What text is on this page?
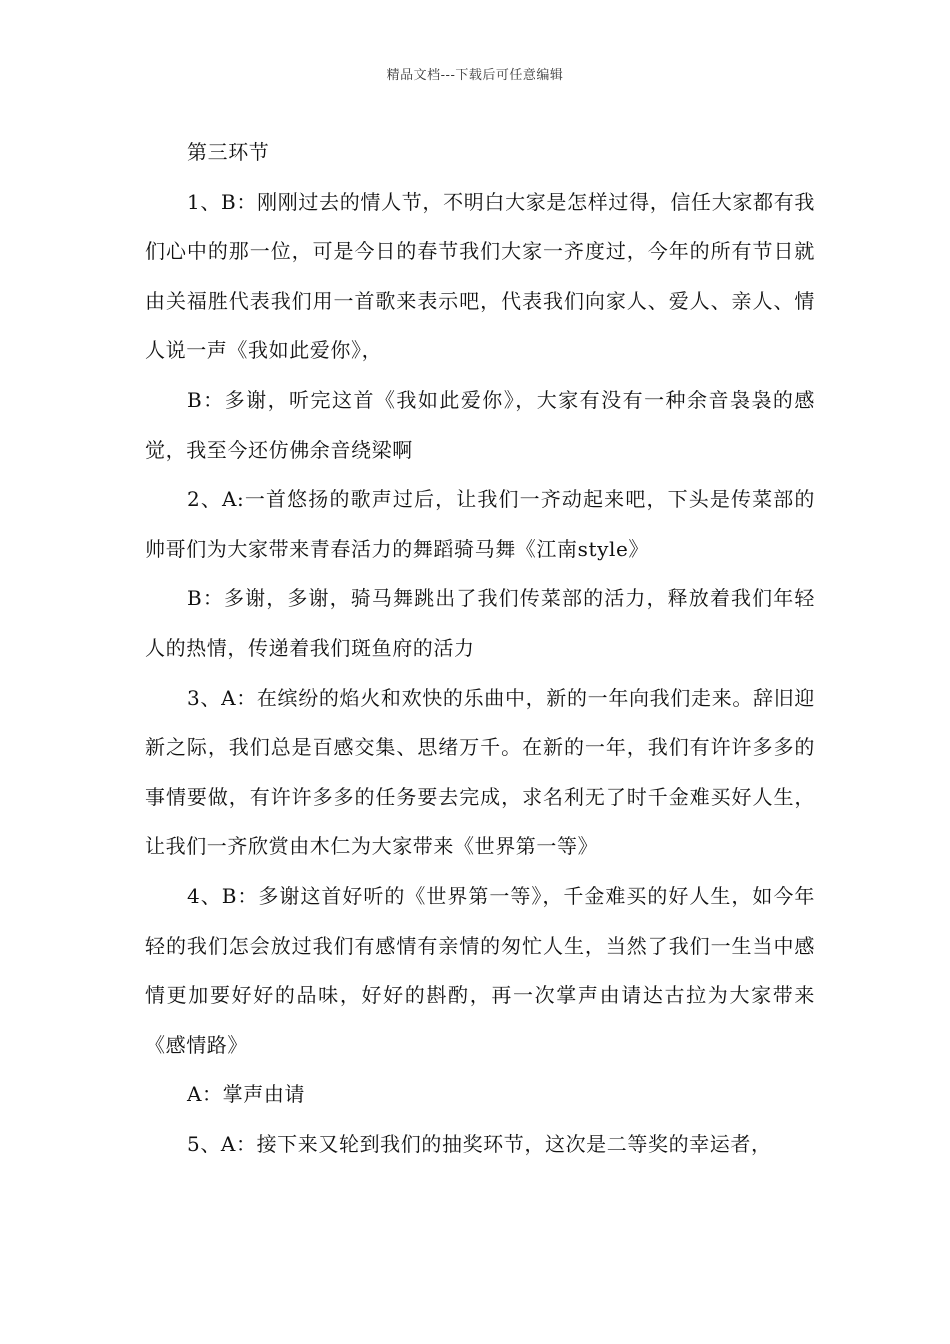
精品文档---下载后可任意编辑

第三环节

1、B：刚刚过去的情人节，不明白大家是怎样过得，信任大家都有我们心中的那一位，可是今日的春节我们大家一齐度过，今年的所有节日就由关福胜代表我们用一首歌来表示吧，代表我们向家人、爱人、亲人、情人说一声《我如此爱你》，

B：多谢，听完这首《我如此爱你》，大家有没有一种余音袅袅的感觉，我至今还仿佛余音绕梁啊

2、A:一首悠扬的歌声过后，让我们一齐动起来吧，下头是传菜部的帅哥们为大家带来青春活力的舞蹈骑马舞《江南style》

B：多谢，多谢，骑马舞跳出了我们传菜部的活力，释放着我们年轻人的热情，传递着我们斑鱼府的活力

3、A：在缤纷的焰火和欢快的乐曲中，新的一年向我们走来。辞旧迎新之际，我们总是百感交集、思绪万千。在新的一年，我们有许许多多的事情要做，有许许多多的任务要去完成，求名利无了时千金难买好人生，让我们一齐欣赏由木仁为大家带来《世界第一等》

4、B：多谢这首好听的《世界第一等》，千金难买的好人生，如今年轻的我们怎会放过我们有感情有亲情的匆忙人生，当然了我们一生当中感情更加要好好的品味，好好的斟酌，再一次掌声由请达古拉为大家带来《感情路》

A：掌声由请

5、A：接下来又轮到我们的抽奖环节，这次是二等奖的幸运者，
